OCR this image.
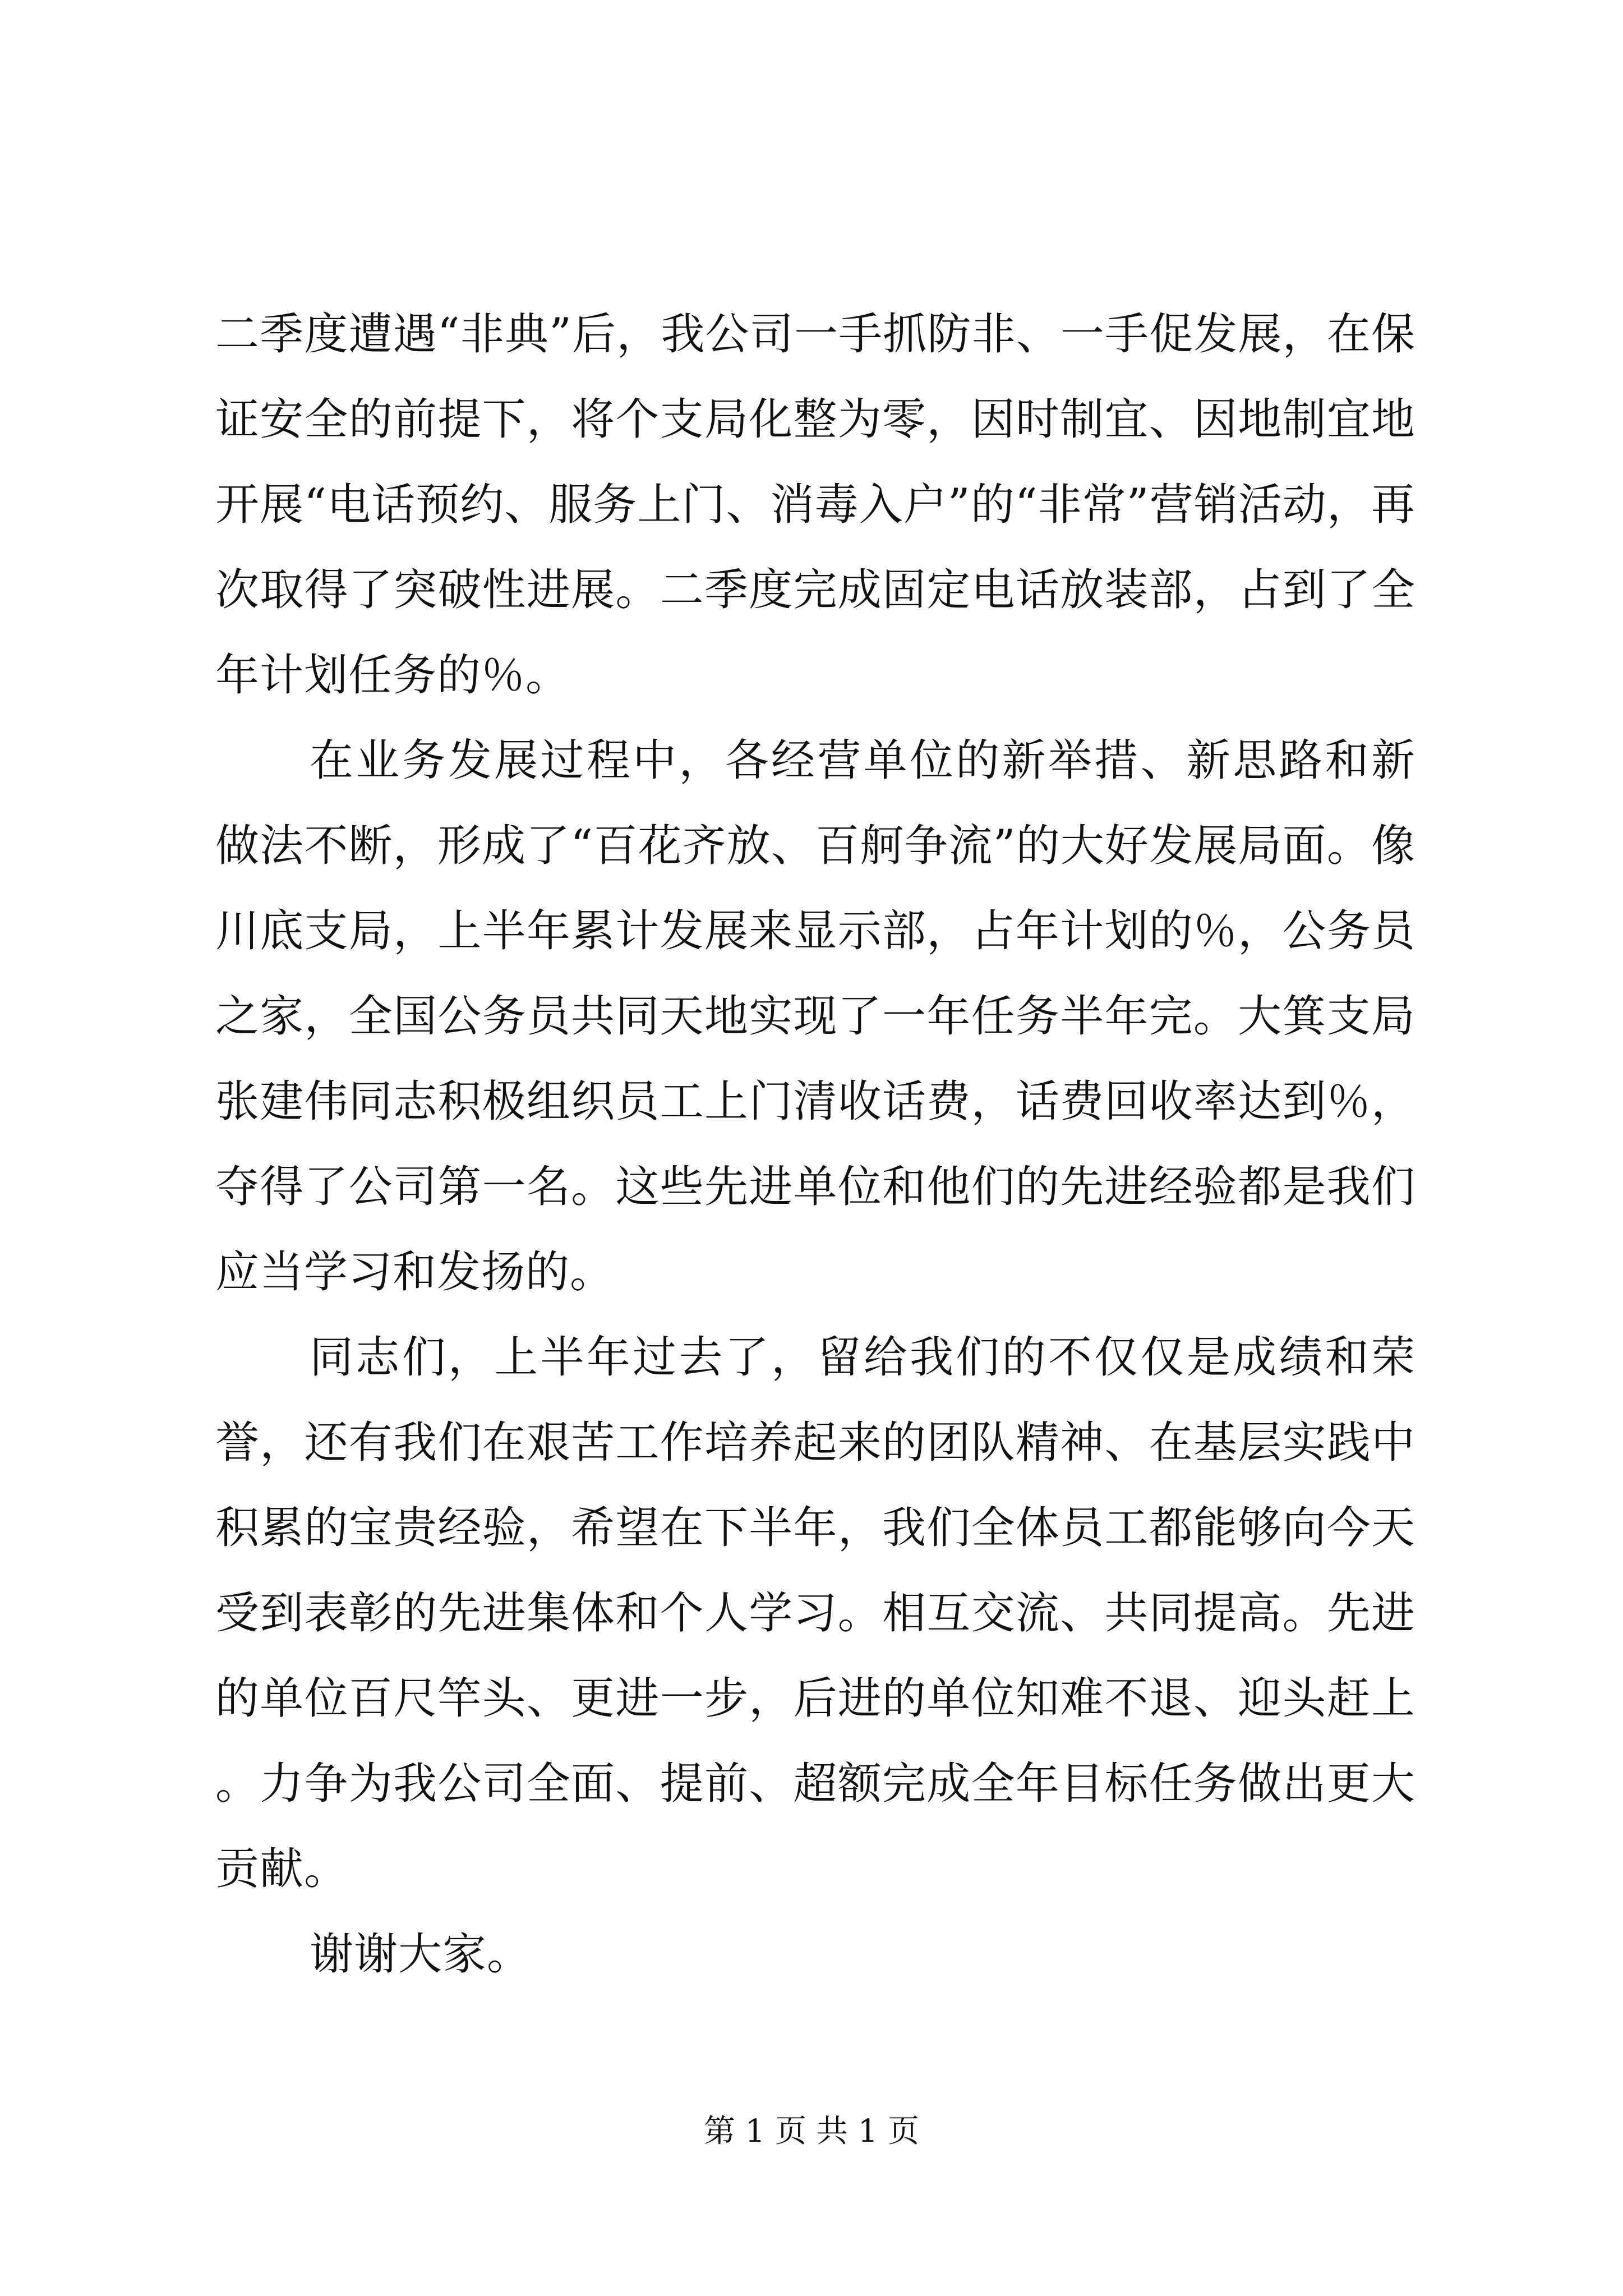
二季度遭遇“非典”后，我公司一手抓防非、一手促发展，在保证安全的前提下，将个支局化整为零，因时制宜、因地制宜地开展“电话预约、服务上门、消毒入户”的“非常”营销活动，再次取得了突破性进展。二季度完成固定电话放装部，占到了全年计划任务的％。

在业务发展过程中，各经营单位的新举措、新思路和新做法不断，形成了“百花齐放、百舸争流”的大好发展局面。像川底支局，上半年累计发展来显示部，占年计划的％，公务员之家，全国公务员共同天地实现了一年任务半年完。大箕支局张建伟同志积极组织员工上门清收话费，话费回收率达到％，夺得了公司第一名。这些先进单位和他们的先进经验都是我们应当学习和发扬的。

同志们，上半年过去了，留给我们的不仅仅是成绩和荣誉，还有我们在艰苦工作培养起来的团队精神、在基层实践中积累的宝贵经验，希望在下半年，我们全体员工都能够向今天受到表彰的先进集体和个人学习。相互交流、共同提高。先进的单位百尺竿头、更进一步，后进的单位知难不退、迎头赶上。力争为我公司全面、提前、超额完成全年目标任务做出更大贡献。

谢谢大家。

第 1 页 共 1 页
